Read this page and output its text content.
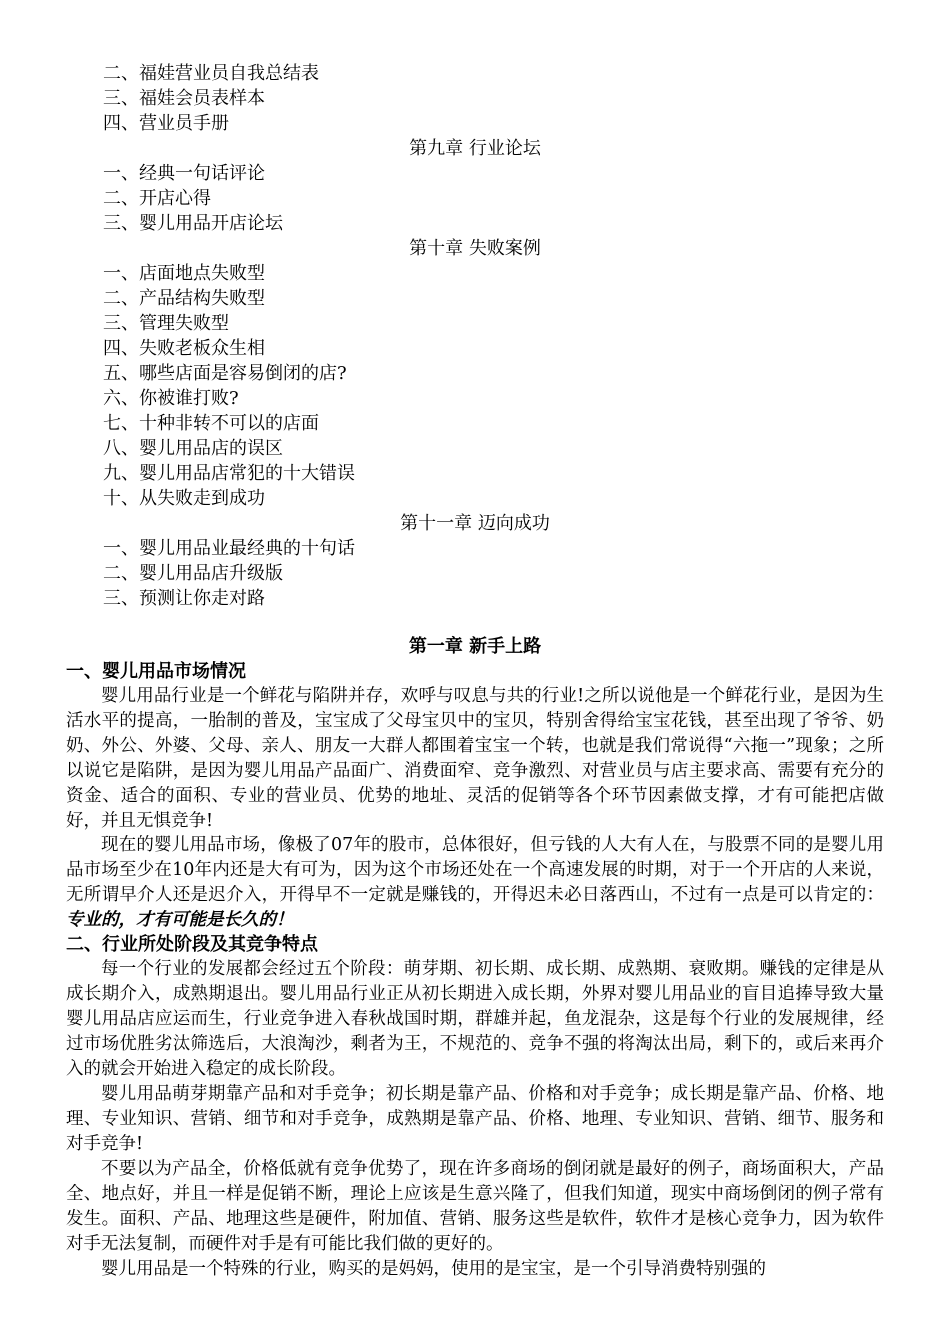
二、福娃营业员自我总结表
三、福娃会员表样本
四、营业员手册
第九章 行业论坛
一、经典一句话评论
二、开店心得
三、婴儿用品开店论坛
第十章 失败案例
一、店面地点失败型
二、产品结构失败型
三、管理失败型
四、失败老板众生相
五、哪些店面是容易倒闭的店?
六、你被谁打败?
七、十种非转不可以的店面
八、婴儿用品店的误区
九、婴儿用品店常犯的十大错误
十、从失败走到成功
第十一章 迈向成功
一、婴儿用品业最经典的十句话
二、婴儿用品店升级版
三、预测让你走对路
第一章 新手上路
一、婴儿用品市场情况

婴儿用品行业是一个鲜花与陷阱并存，欢呼与叹息与共的行业!之所以说他是一个鲜花行业，是因为生活水平的提高，一胎制的普及，宝宝成了父母宝贝中的宝贝，特别舍得给宝宝花钱，甚至出现了爷爷、奶奶、外公、外婆、父母、亲人、朋友一大群人都围着宝宝一个转，也就是我们常说得“六拖一”现象；之所以说它是陷阱，是因为婴儿用品产品面广、消费面窄、竞争激烈、对营业员与店主要求高、需要有充分的资金、适合的面积、专业的营业员、优势的地址、灵活的促销等各个环节因素做支撑，才有可能把店做好，并且无惧竞争!

现在的婴儿用品市场，像极了07年的股市，总体很好，但亏钱的人大有人在，与股票不同的是婴儿用品市场至少在10年内还是大有可为，因为这个市场还处在一个高速发展的时期，对于一个开店的人来说，无所谓早介人还是迟介入，开得早不一定就是赚钱的，开得迟未必日落西山，不过有一点是可以肯定的：专业的，才有可能是长久的！

二、行业所处阶段及其竞争特点

每一个行业的发展都会经过五个阶段：萌芽期、初长期、成长期、成熟期、衰败期。赚钱的定律是从成长期介入，成熟期退出。婴儿用品行业正从初长期进入成长期，外界对婴儿用品业的盲目追捧导致大量婴儿用品店应运而生，行业竞争进入春秋战国时期，群雄并起，鱼龙混杂，这是每个行业的发展规律，经过市场优胜劣汰筛选后，大浪淘沙，剩者为王，不规范的、竞争不强的将淘汰出局，剩下的，或后来再介入的就会开始进入稳定的成长阶段。

婴儿用品萌芽期靠产品和对手竞争；初长期是靠产品、价格和对手竞争；成长期是靠产品、价格、地理、专业知识、营销、细节和对手竞争，成熟期是靠产品、价格、地理、专业知识、营销、细节、服务和对手竞争!

不要以为产品全，价格低就有竞争优势了，现在许多商场的倒闭就是最好的例子，商场面积大，产品全、地点好，并且一样是促销不断，理论上应该是生意兴隆了，但我们知道，现实中商场倒闭的例子常有发生。面积、产品、地理这些是硬件，附加值、营销、服务这些是软件，软件才是核心竞争力，因为软件对手无法复制，而硬件对手是有可能比我们做的更好的。

婴儿用品是一个特殊的行业，购买的是妈妈，使用的是宝宝，是一个引导消费特别强的
